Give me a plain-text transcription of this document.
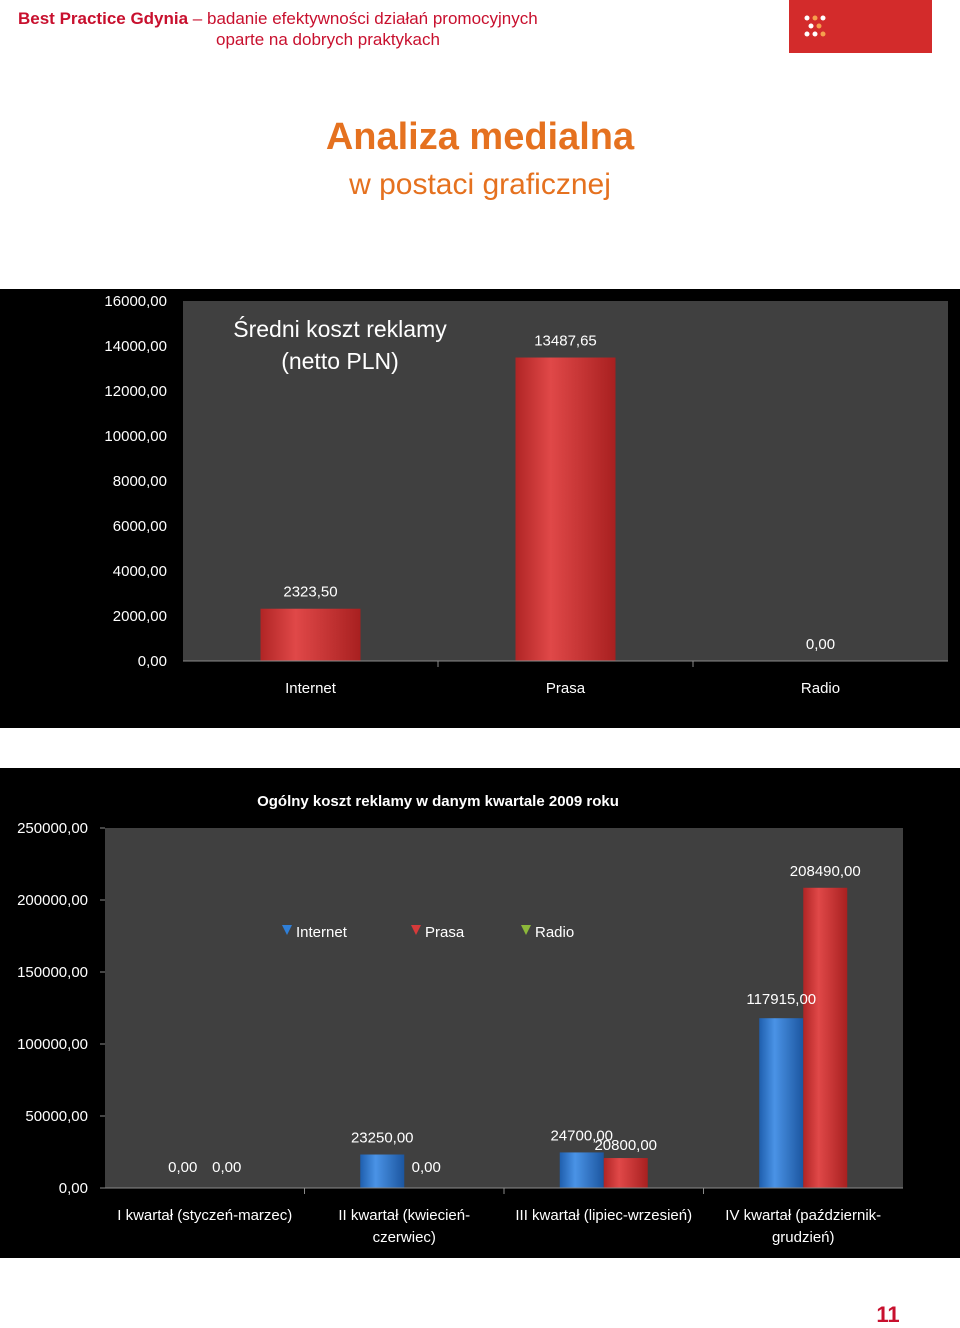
Best Practice Gdynia – badanie efektywności działań promocyjnych
oparte na dobrych praktykach
Analiza medialna
w postaci graficznej
0,00
2000,00
4000,00
6000,00
8000,00
10000,00
12000,00
14000,00
16000,00
2323,50
13487,65
0,00
Internet	Prasa	Radio
Średni koszt reklamy
(netto PLN)
0,00
50000,00
100000,00
150000,00
200000,00
250000,00
0,00 0,00
23250,00
0,00
24700,00
20800,00
117915,00
208490,00
I kwartał (styczeń-marzec)	II kwartał (kwiecień-
czerwiec)
III kwartał (lipiec-wrzesień) IV kwartał (październik-
grudzień)
Internet	Prasa	Radio
Ogólny koszt reklamy w danym kwartale 2009 roku
11
